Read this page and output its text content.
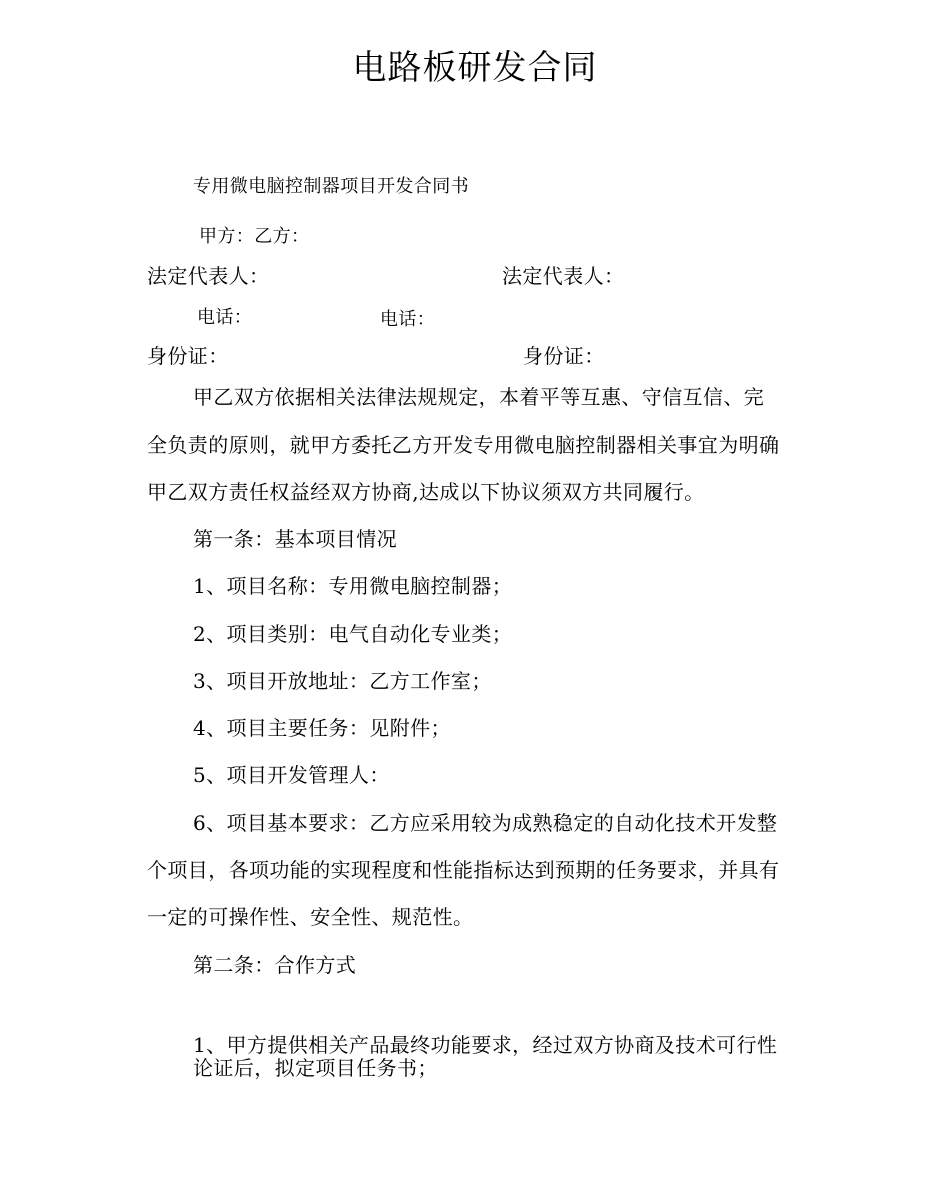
电路板研发合同
专用微电脑控制器项目开发合同书
甲方：乙方：
法定代表人：	法定代表人：
电话：	电话：
身份证：	身份证：
甲乙双方依据相关法律法规规定，本着平等互惠、守信互信、完
全负责的原则，就甲方委托乙方开发专用微电脑控制器相关事宜为明确
甲乙双方责任权益经双方协商,达成以下协议须双方共同履行。
第一条：基本项目情况
1、项目名称：专用微电脑控制器；
2、项目类别：电气自动化专业类；
3、项目开放地址：乙方工作室；
4、项目主要任务：见附件；
5、项目开发管理人：
6、项目基本要求：乙方应采用较为成熟稳定的自动化技术开发整
个项目，各项功能的实现程度和性能指标达到预期的任务要求，并具有
一定的可操作性、安全性、规范性。
第二条：合作方式
1、甲方提供相关产品最终功能要求，经过双方协商及技术可行性
论证后，拟定项目任务书；
